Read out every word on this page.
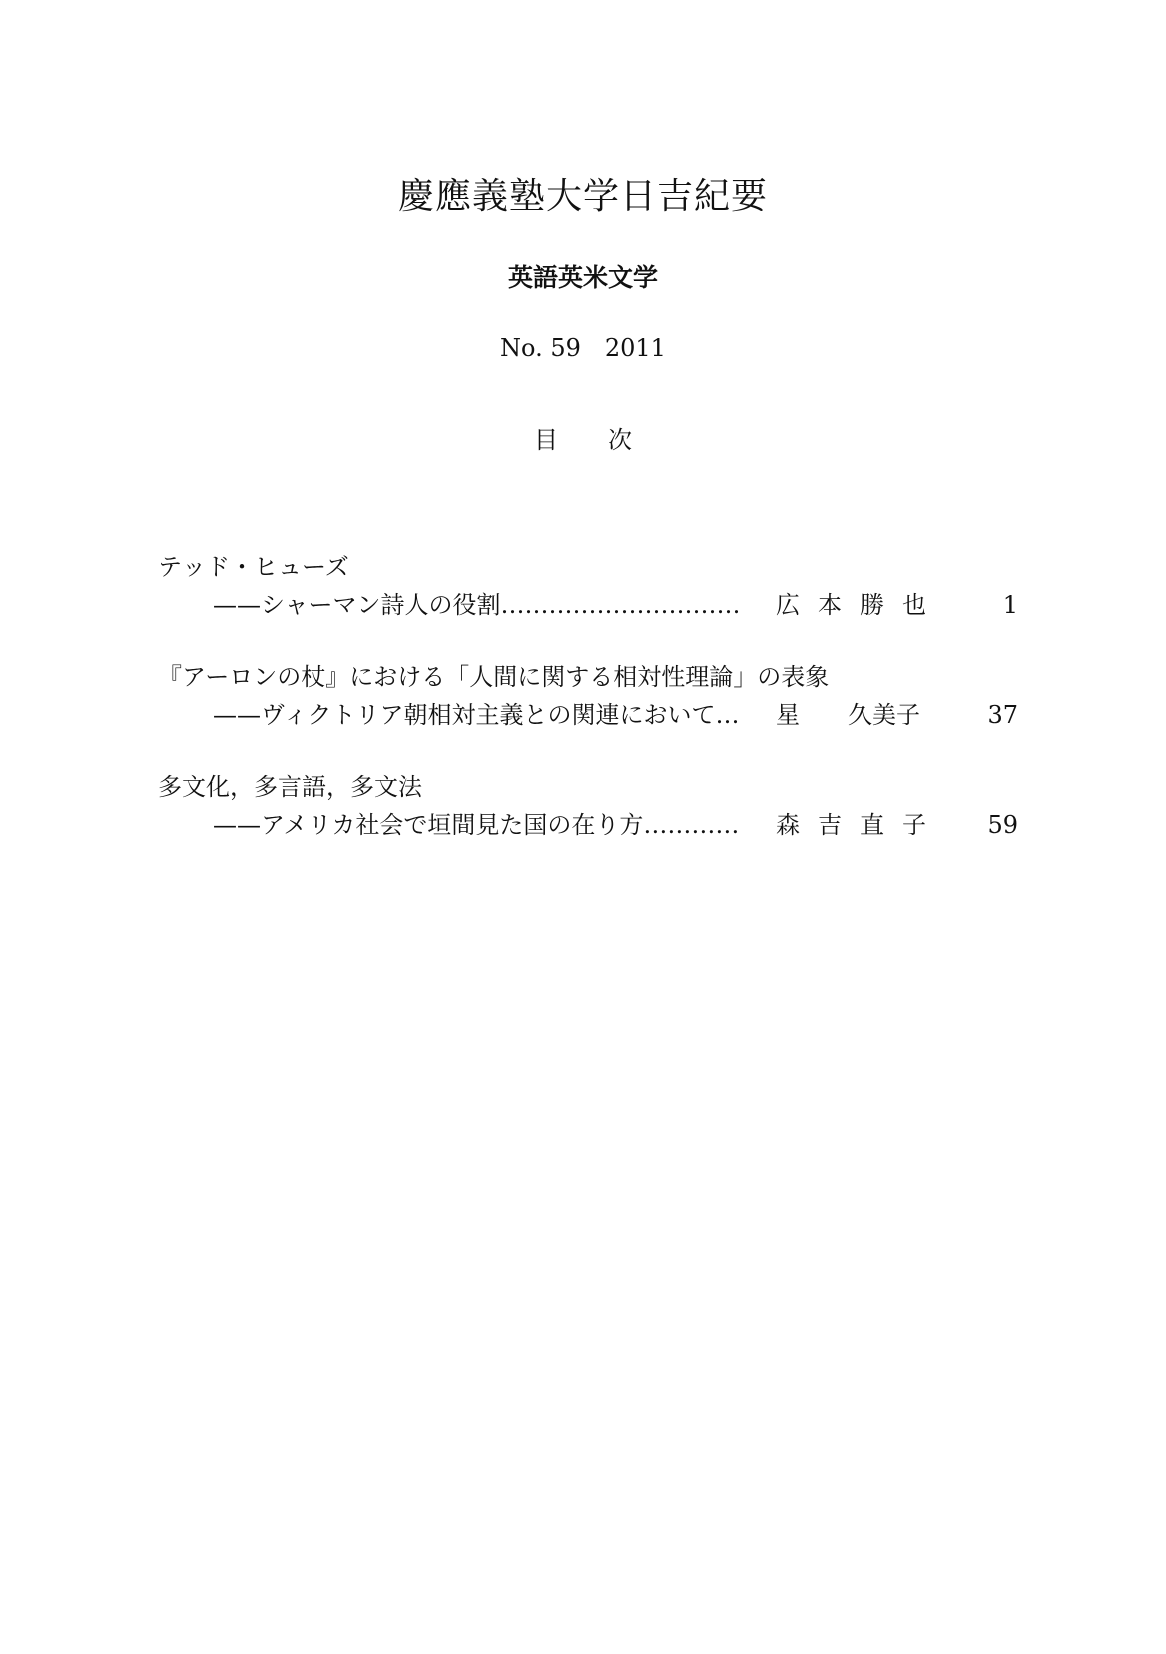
慶應義塾大学日吉紀要
英語英米文学
No. 59　2011
目次
テッド・ヒューズ
——シャーマン詩人の役割………………………… 広本勝也 1
『アーロンの杖』における「人間に関する相対性理論」の表象
——ヴィクトリア朝相対主義との関連において… 星　　久美子	37
多文化，多言語，多文法
——アメリカ社会で垣間見た国の在り方………… 森吉直子 59
